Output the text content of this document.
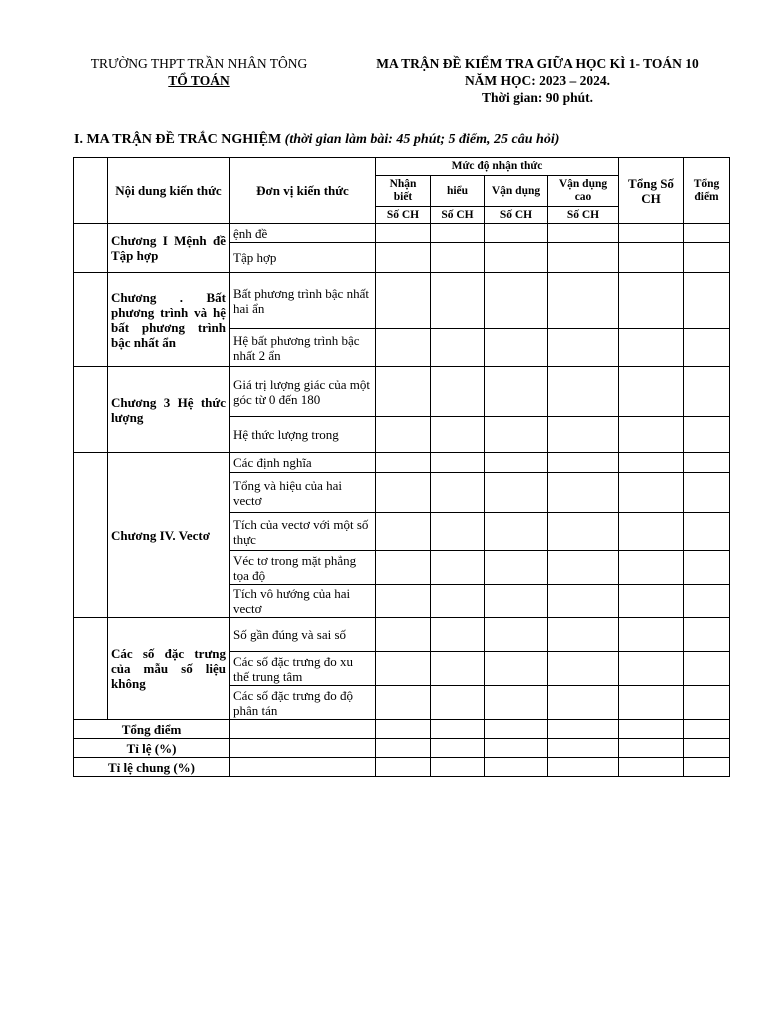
TRƯỜNG THPT TRẦN NHÂN TÔNG
TỔ TOÁN
MA TRẬN ĐỀ KIỂM TRA GIỮA HỌC KÌ 1- TOÁN 10
NĂM HỌC: 2023 – 2024.
Thời gian: 90 phút.
I. MA TRẬN ĐỀ TRẮC NGHIỆM (thời gian làm bài: 45 phút; 5 điểm, 25 câu hỏi)
	Nội dung kiến thức	Đơn vị kiến thức	Mức độ nhận thức				Tổng Số CH	Tổng điểm
			Nhận biết	hiểu	Vận dụng	Vận dụng cao		
			Số CH	Số CH	Số CH	Số CH		
	Chương I Mệnh đề Tập hợp	ệnh đề						
		Tập hợp						
	Chương . Bất phương trình và hệ bất phương trình bậc nhất ẩn	Bất phương trình bậc nhất hai ẩn						
		Hệ bất phương trình bậc nhất 2 ẩn						
	Chương 3 Hệ thức lượng	Giá trị lượng giác của một góc từ 0 đến 180						
		Hệ thức lượng trong						
	Chương IV. Vectơ	Các định nghĩa						
		Tổng và hiệu của hai vectơ						
		Tích của vectơ với một số thực						
		Véc tơ trong mặt phẳng tọa độ						
		Tích vô hướng của hai vectơ						
	Các số đặc trưng của mẫu số liệu không	Số gần đúng và sai số						
		Các số đặc trưng đo xu thế trung tâm						
		Các số đặc trưng đo độ phân tán						
Tổng điểm								
Tỉ lệ (%)								
Tỉ lệ chung (%)								
